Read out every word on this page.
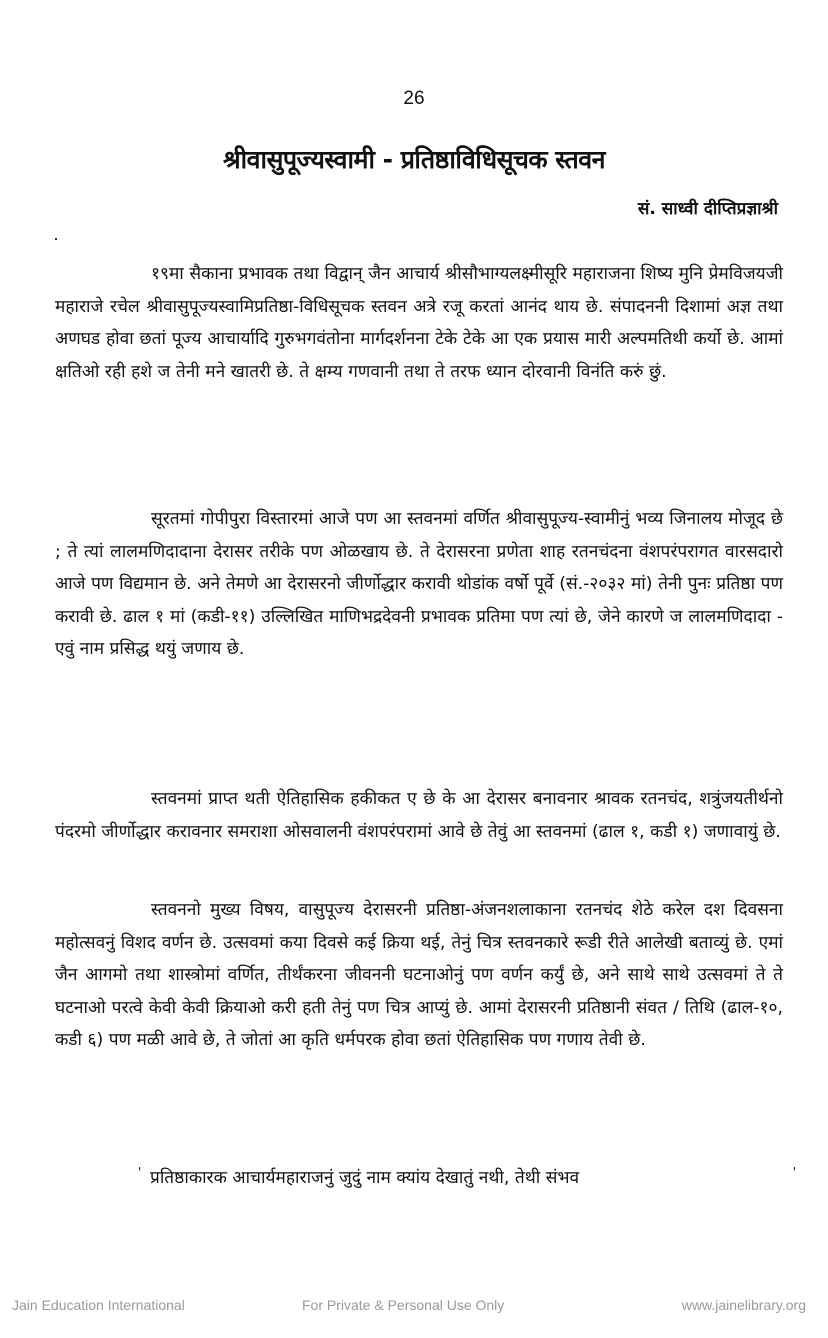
26
श्रीवासुपूज्यस्वामी - प्रतिष्ठाविधिसूचक स्तवन
सं. साध्वी दीप्तिप्रज्ञाश्री

१९मा सैकाना प्रभावक तथा विद्वान् जैन आचार्य श्रीसौभाग्यलक्ष्मीसूरि महाराजना शिष्य मुनि प्रेमविजयजी महाराजे रचेल श्रीवासुपूज्यस्वामिप्रतिष्ठा-विधिसूचक स्तवन अत्रे रजू करतां आनंद थाय छे. संपादननी दिशामां अज्ञ तथा अणघड होवा छतां पूज्य आचार्यादि गुरुभगवंतोना मार्गदर्शनना टेके टेके आ एक प्रयास मारी अल्पमतिथी कर्यो छे. आमां क्षतिओ रही हशे ज तेनी मने खातरी छे. ते क्षम्य गणवानी तथा ते तरफ ध्यान दोरवानी विनंति करुं छुं.

सूरतमां गोपीपुरा विस्तारमां आजे पण आ स्तवनमां वर्णित श्रीवासुपूज्य-स्वामीनुं भव्य जिनालय मोजूद छे ; ते त्यां लालमणिदादाना देरासर तरीके पण ओळखाय छे. ते देरासरना प्रणेता शाह रतनचंदना वंशपरंपरागत वारसदारो आजे पण विद्यमान छे. अने तेमणे आ देरासरनो जीर्णोद्धार करावी थोडांक वर्षो पूर्वे (सं.-२०३२ मां) तेनी पुनः प्रतिष्ठा पण करावी छे. ढाल १ मां (कडी-११) उल्लिखित माणिभद्रदेवनी प्रभावक प्रतिमा पण त्यां छे, जेने कारणे ज लालमणिदादा - एवुं नाम प्रसिद्ध थयुं जणाय छे.

स्तवनमां प्राप्त थती ऐतिहासिक हकीकत ए छे के आ देरासर बनावनार श्रावक रतनचंद, शत्रुंजयतीर्थनो पंदरमो जीर्णोद्धार करावनार समराशा ओसवालनी वंशपरंपरामां आवे छे तेवुं आ स्तवनमां (ढाल १, कडी १) जणावायुं छे.

स्तवननो मुख्य विषय, वासुपूज्य देरासरनी प्रतिष्ठा-अंजनशलाकाना रतनचंद शेठे करेल दश दिवसना महोत्सवनुं विशद वर्णन छे. उत्सवमां कया दिवसे कई क्रिया थई, तेनुं चित्र स्तवनकारे रूडी रीते आलेखी बताव्युं छे. एमां जैन आगमो तथा शास्त्रोमां वर्णित, तीर्थंकरना जीवननी घटनाओनुं पण वर्णन कर्युं छे, अने साथे साथे उत्सवमां ते ते घटनाओ परत्वे केवी केवी क्रियाओ करी हती तेनुं पण चित्र आप्युं छे. आमां देरासरनी प्रतिष्ठानी संवत / तिथि (ढाल-१०, कडी ६) पण मळी आवे छे, ते जोतां आ कृति धर्मपरक होवा छतां ऐतिहासिक पण गणाय तेवी छे.

' प्रतिष्ठाकारक आचार्यमहाराजनुं जुदुं नाम क्यांय देखातुं नथी, तेथी संभव	'
Jain Education International	For Private & Personal Use Only	www.jainelibrary.org
